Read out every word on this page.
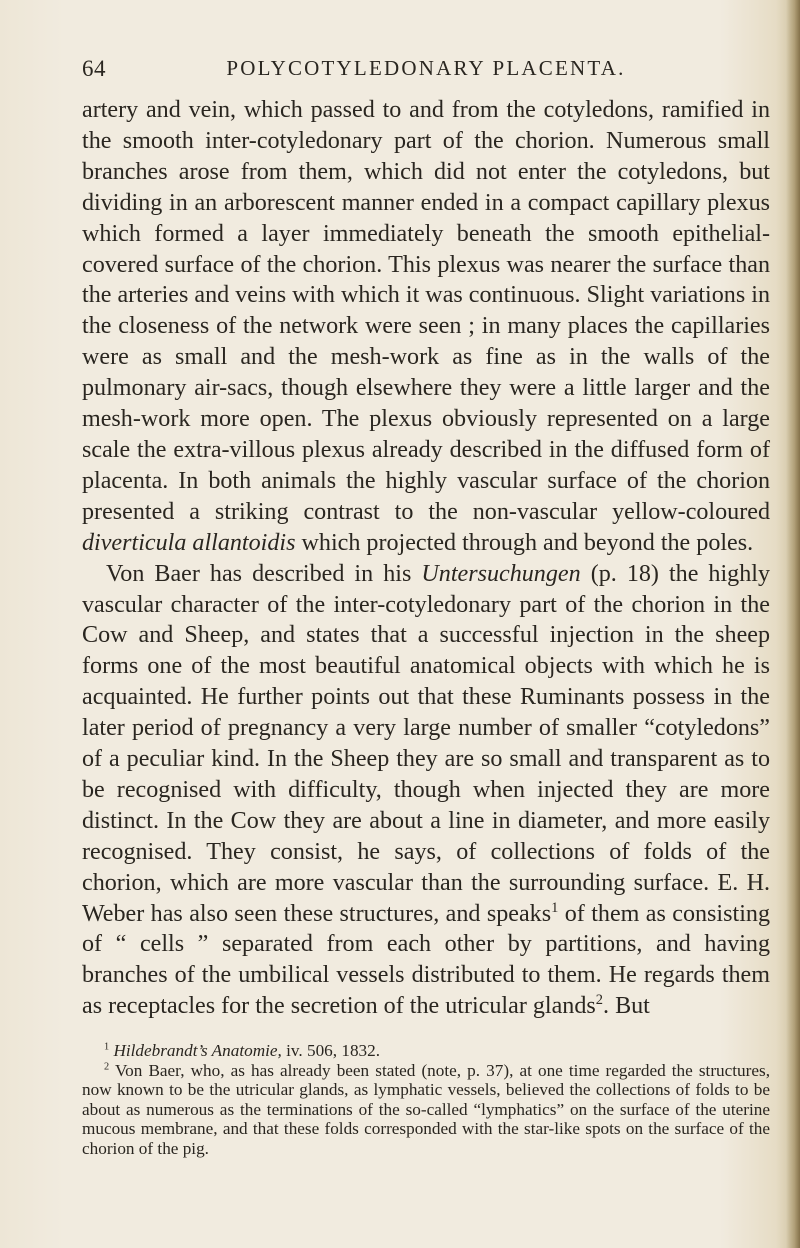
64	POLYCOTYLEDONARY PLACENTA.

artery and vein, which passed to and from the cotyledons, ramified in the smooth inter-cotyledonary part of the chorion. Numerous small branches arose from them, which did not enter the cotyledons, but dividing in an arborescent manner ended in a compact capillary plexus which formed a layer immediately beneath the smooth epithelial-covered surface of the chorion. This plexus was nearer the surface than the arteries and veins with which it was continuous. Slight variations in the closeness of the network were seen ; in many places the capillaries were as small and the mesh-work as fine as in the walls of the pulmonary air-sacs, though elsewhere they were a little larger and the mesh-work more open. The plexus obviously represented on a large scale the extra-villous plexus already described in the diffused form of placenta. In both animals the highly vascular surface of the chorion presented a striking contrast to the non-vascular yellow-coloured diverticula allantoidis which projected through and beyond the poles.

Von Baer has described in his Untersuchungen (p. 18) the highly vascular character of the inter-cotyledonary part of the chorion in the Cow and Sheep, and states that a successful injection in the sheep forms one of the most beautiful anatomical objects with which he is acquainted. He further points out that these Ruminants possess in the later period of pregnancy a very large number of smaller “cotyledons” of a peculiar kind. In the Sheep they are so small and transparent as to be recognised with difficulty, though when injected they are more distinct. In the Cow they are about a line in diameter, and more easily recognised. They consist, he says, of collections of folds of the chorion, which are more vascular than the surrounding surface. E. H. Weber has also seen these structures, and speaks$^1$ of them as consisting of “ cells ” separated from each other by partitions, and having branches of the umbilical vessels distributed to them. He regards them as receptacles for the secretion of the utricular glands$^2$. But

$^1$ Hildebrandt’s Anatomie, iv. 506, 1832.

$^2$ Von Baer, who, as has already been stated (note, p. 37), at one time regarded the structures, now known to be the utricular glands, as lymphatic vessels, believed the collections of folds to be about as numerous as the terminations of the so-called “lymphatics” on the surface of the uterine mucous membrane, and that these folds corresponded with the star-like spots on the surface of the chorion of the pig.
